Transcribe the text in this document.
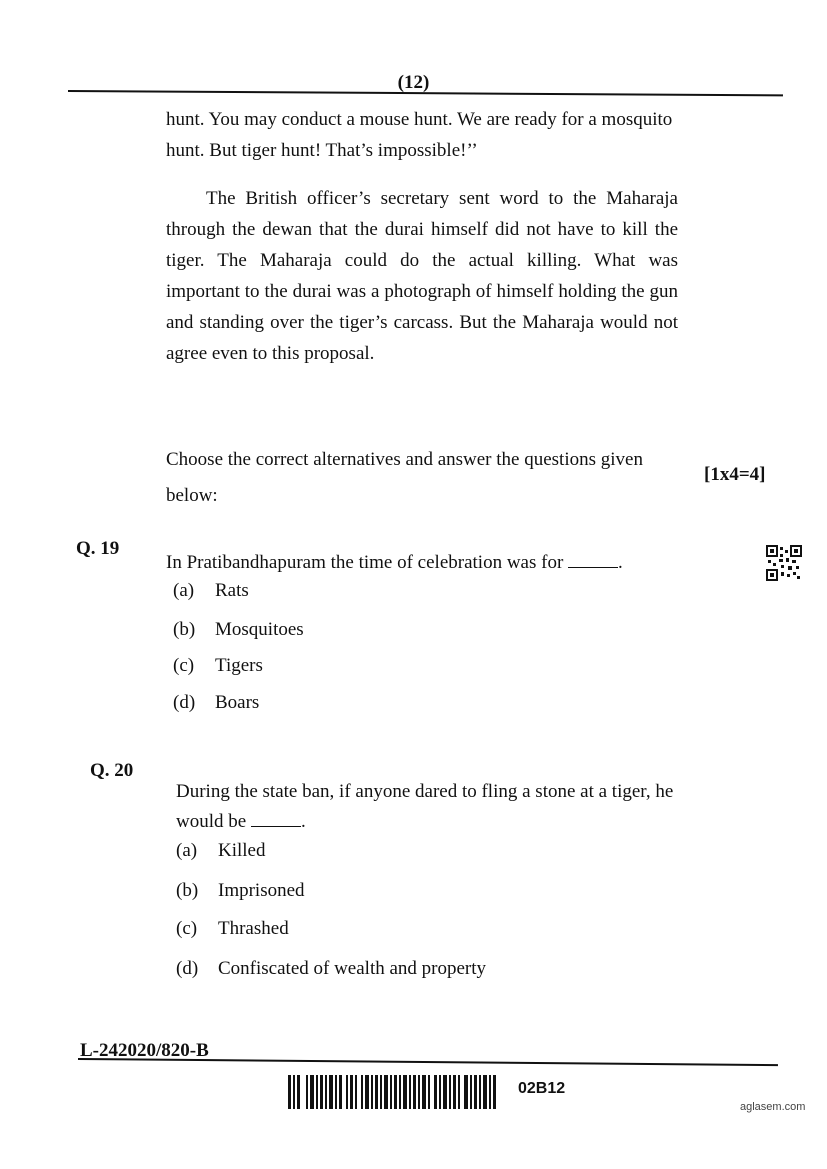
(12)
hunt. You may conduct a mouse hunt. We are ready for a mosquito hunt. But tiger hunt! That’s impossible!’’
The British officer’s secretary sent word to the Maharaja through the dewan that the durai himself did not have to kill the tiger. The Maharaja could do the actual killing. What was important to the durai was a photograph of himself holding the gun and standing over the tiger’s carcass. But the Maharaja would not agree even to this proposal.
Choose the correct alternatives and answer the questions given below:
[1x4=4]
Q. 19
In Pratibandhapuram the time of celebration was for	.
(a)	Rats
(b)	Mosquitoes
(c)	Tigers
(d)	Boars
Q. 20
During the state ban, if anyone dared to fling a stone at a tiger, he would be	.
(a)	Killed
(b)	Imprisoned
(c)	Thrashed
(d)	Confiscated of wealth and property
L-242020/820-B
02B12
aglasem.com
